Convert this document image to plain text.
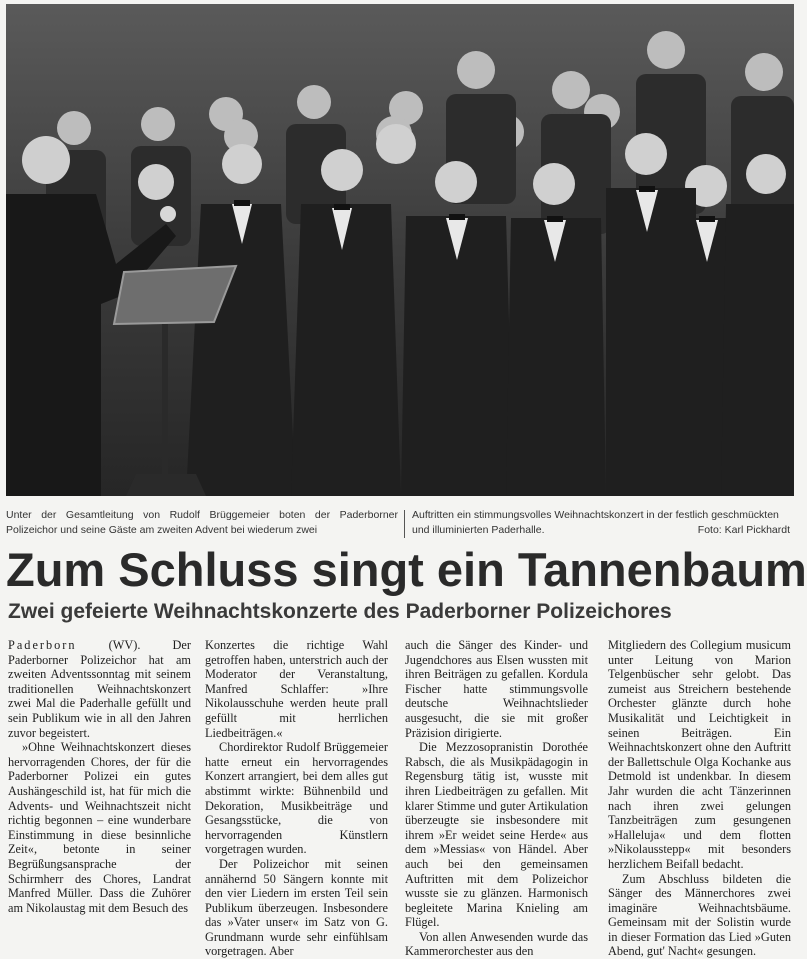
Unter der Gesamtleitung von Rudolf Brüggemeier boten der Paderborner Polizeichor und seine Gäste am zweiten Advent bei wiederum zwei
Auftritten ein stimmungsvolles Weihnachtskonzert in der festlich geschmückten und illuminierten Paderhalle.	Foto: Karl Pickhardt
Zum Schluss singt ein Tannenbaum
Zwei gefeierte Weihnachtskonzerte des Paderborner Polizeichores

Paderborn (WV). Der Paderborner Polizeichor hat am zweiten Adventssonntag mit seinem traditionellen Weihnachtskonzert zwei Mal die Paderhalle gefüllt und sein Publikum wie in all den Jahren zuvor begeistert.

»Ohne Weihnachtskonzert dieses hervorragenden Chores, der für die Paderborner Polizei ein gutes Aushängeschild ist, hat für mich die Advents- und Weihnachtszeit nicht richtig begonnen – eine wunderbare Einstimmung in diese besinnliche Zeit«, betonte in seiner Begrüßungsansprache der Schirmherr des Chores, Landrat Manfred Müller. Dass die Zuhörer am Nikolaustag mit dem Besuch des

Konzertes die richtige Wahl getroffen haben, unterstrich auch der Moderator der Veranstaltung, Manfred Schlaffer: »Ihre Nikolausschuhe werden heute prall gefüllt mit herrlichen Liedbeiträgen.«

Chordirektor Rudolf Brüggemeier hatte erneut ein hervorragendes Konzert arrangiert, bei dem alles gut abstimmt wirkte: Bühnenbild und Dekoration, Musikbeiträge und Gesangsstücke, die von hervorragenden Künstlern vorgetragen wurden.

Der Polizeichor mit seinen annähernd 50 Sängern konnte mit den vier Liedern im ersten Teil sein Publikum überzeugen. Insbesondere das »Vater unser« im Satz von G. Grundmann wurde sehr einfühlsam vorgetragen. Aber

auch die Sänger des Kinder- und Jugendchores aus Elsen wussten mit ihren Beiträgen zu gefallen. Kordula Fischer hatte stimmungsvolle deutsche Weihnachtslieder ausgesucht, die sie mit großer Präzision dirigierte.

Die Mezzosopranistin Dorothée Rabsch, die als Musikpädagogin in Regensburg tätig ist, wusste mit ihren Liedbeiträgen zu gefallen. Mit klarer Stimme und guter Artikulation überzeugte sie insbesondere mit ihrem »Er weidet seine Herde« aus dem »Messias« von Händel. Aber auch bei den gemeinsamen Auftritten mit dem Polizeichor wusste sie zu glänzen. Harmonisch begleitete Marina Knieling am Flügel.

Von allen Anwesenden wurde das Kammerorchester aus den

Mitgliedern des Collegium musicum unter Leitung von Marion Telgenbüscher sehr gelobt. Das zumeist aus Streichern bestehende Orchester glänzte durch hohe Musikalität und Leichtigkeit in seinen Beiträgen. Ein Weihnachtskonzert ohne den Auftritt der Ballettschule Olga Kochanke aus Detmold ist undenkbar. In diesem Jahr wurden die acht Tänzerinnen nach ihren zwei gelungen Tanzbeiträgen zum gesungenen »Halleluja« und dem flotten »Nikolausstepp« mit besonders herzlichem Beifall bedacht.

Zum Abschluss bildeten die Sänger des Männerchores zwei imaginäre Weihnachtsbäume. Gemeinsam mit der Solistin wurde in dieser Formation das Lied »Guten Abend, gut' Nacht« gesungen.
